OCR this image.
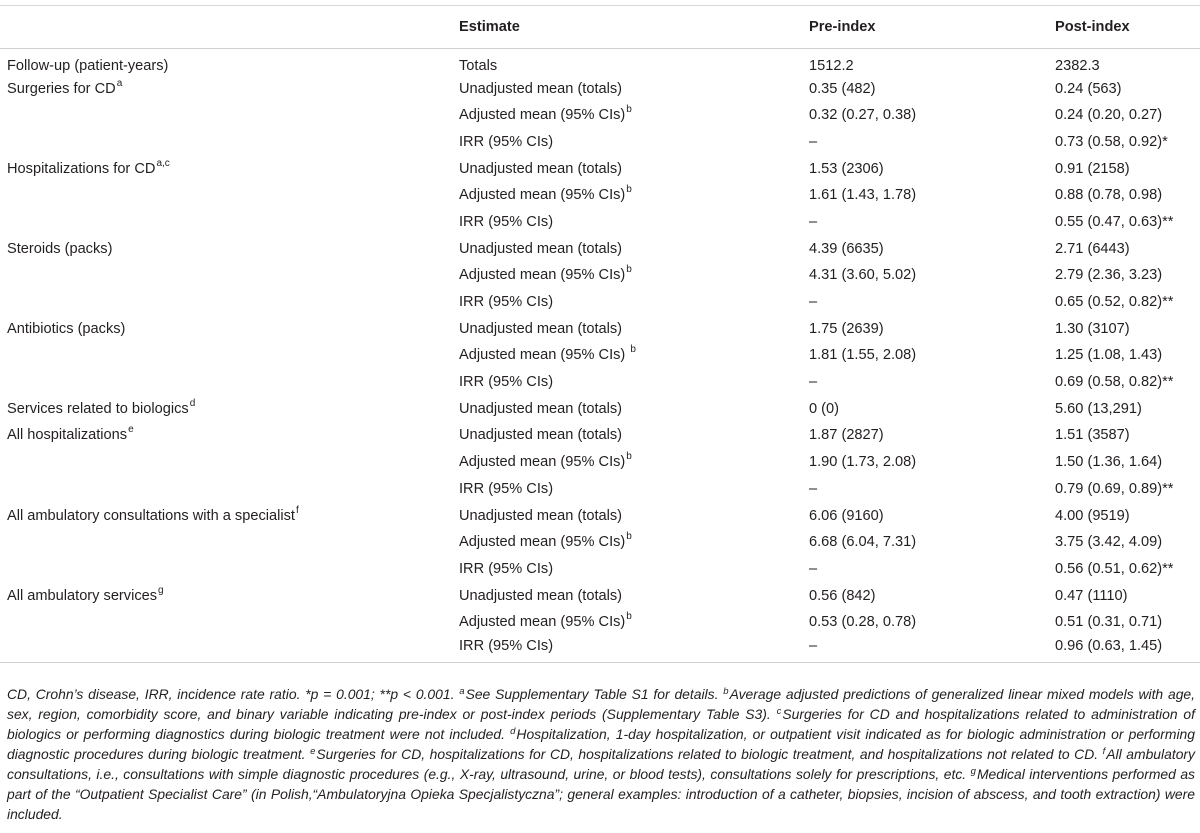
	Estimate	Pre-index	Post-index
Follow-up (patient-years)	Totals	1512.2	2382.3
Surgeries for $CD^a$	Unadjusted mean (totals)	0.35 (482)	0.24 (563)
	Adjusted mean (95% CIs)$^b$	0.32 (0.27, 0.38)	0.24 (0.20, 0.27)
	IRR (95% CIs)	–	0.73 (0.58, 0.92)*
Hospitalizations for CD$^{a,c}$	Unadjusted mean (totals)	1.53 (2306)	0.91 (2158)
	Adjusted mean (95% CIs)$^b$	1.61 (1.43, 1.78)	0.88 (0.78, 0.98)
	IRR (95% CIs)	–	0.55 (0.47, 0.63)**
Steroids (packs)	Unadjusted mean (totals)	4.39 (6635)	2.71 (6443)
	Adjusted mean (95% CIs)$^b$	4.31 (3.60, 5.02)	2.79 (2.36, 3.23)
	IRR (95% CIs)	–	0.65 (0.52, 0.82)**
Antibiotics (packs)	Unadjusted mean (totals)	1.75 (2639)	1.30 (3107)
	Adjusted mean (95% CIs) $^b$	1.81 (1.55, 2.08)	1.25 (1.08, 1.43)
	IRR (95% CIs)	–	0.69 (0.58, 0.82)**
Services related to biologics$^d$	Unadjusted mean (totals)	0 (0)	5.60 (13,291)
All hospitalizations$^e$	Unadjusted mean (totals)	1.87 (2827)	1.51 (3587)
	Adjusted mean (95% CIs)$^b$	1.90 (1.73, 2.08)	1.50 (1.36, 1.64)
	IRR (95% CIs)	–	0.79 (0.69, 0.89)**
All ambulatory consultations with a specialist$^f$	Unadjusted mean (totals)	6.06 (9160)	4.00 (9519)
	Adjusted mean (95% CIs)$^b$	6.68 (6.04, 7.31)	3.75 (3.42, 4.09)
	IRR (95% CIs)	–	0.56 (0.51, 0.62)**
All ambulatory services$^g$	Unadjusted mean (totals)	0.56 (842)	0.47 (1110)
	Adjusted mean (95% CIs)$^b$	0.53 (0.28, 0.78)	0.51 (0.31, 0.71)
	IRR (95% CIs)	–	0.96 (0.63, 1.45)
CD, Crohn’s disease, IRR, incidence rate ratio. *p = 0.001; **p < 0.001. $^a$See Supplementary Table S1 for details. $^b$Average adjusted predictions of generalized linear mixed models with age, sex, region, comorbidity score, and binary variable indicating pre-index or post-index periods (Supplementary Table S3). $^c$Surgeries for CD and hospitalizations related to administration of biologics or performing diagnostics during biologic treatment were not included. $^d$Hospitalization, 1-day hospitalization, or outpatient visit indicated as for biologic administration or performing diagnostic procedures during biologic treatment. $^e$Surgeries for CD, hospitalizations for CD, hospitalizations related to biologic treatment, and hospitalizations not related to CD. $^f$All ambulatory consultations, i.e., consultations with simple diagnostic procedures (e.g., X-ray, ultrasound, urine, or blood tests), consultations solely for prescriptions, etc. $^g$Medical interventions performed as part of the “Outpatient Specialist Care” (in Polish,“Ambulatoryjna Opieka Specjalistyczna”; general examples: introduction of a catheter, biopsies, incision of abscess, and tooth extraction) were included.
